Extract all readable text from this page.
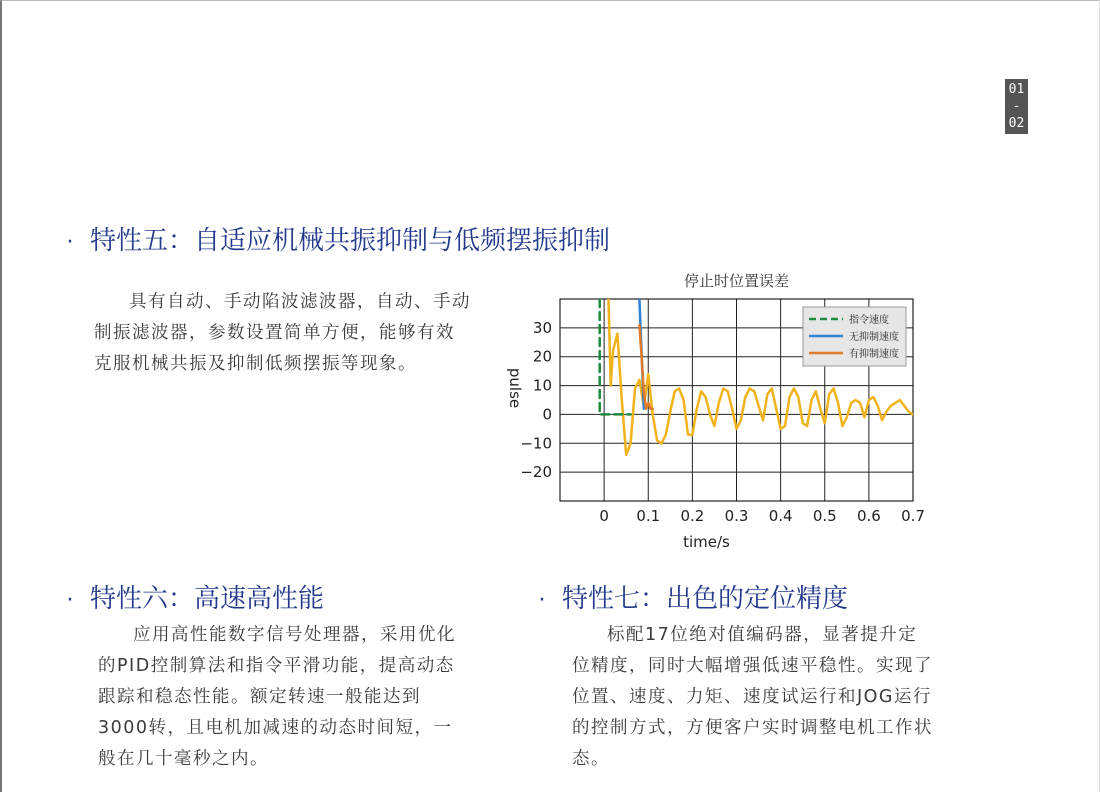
01
-
02
· 特性五：自适应机械共振抑制与低频摆振抑制

具有自动、手动陷波滤波器，自动、手动制振滤波器，参数设置简单方便，能够有效克服机械共振及抑制低频摆振等现象。

停止时位置误差
0 0.1 0.2 0.3 0.4 0.5 0.6 0.7
30
20
10
0
−10
−20
time/s
pulse
指令速度
无抑制速度
有抑制速度
· 特性六：高速高性能

应用高性能数字信号处理器，采用优化的PID控制算法和指令平滑功能，提高动态跟踪和稳态性能。额定转速一般能达到3000转，且电机加减速的动态时间短，一般在几十毫秒之内。

· 特性七：出色的定位精度

标配17位绝对值编码器，显著提升定位精度，同时大幅增强低速平稳性。实现了位置、速度、力矩、速度试运行和JOG运行的控制方式，方便客户实时调整电机工作状态。
